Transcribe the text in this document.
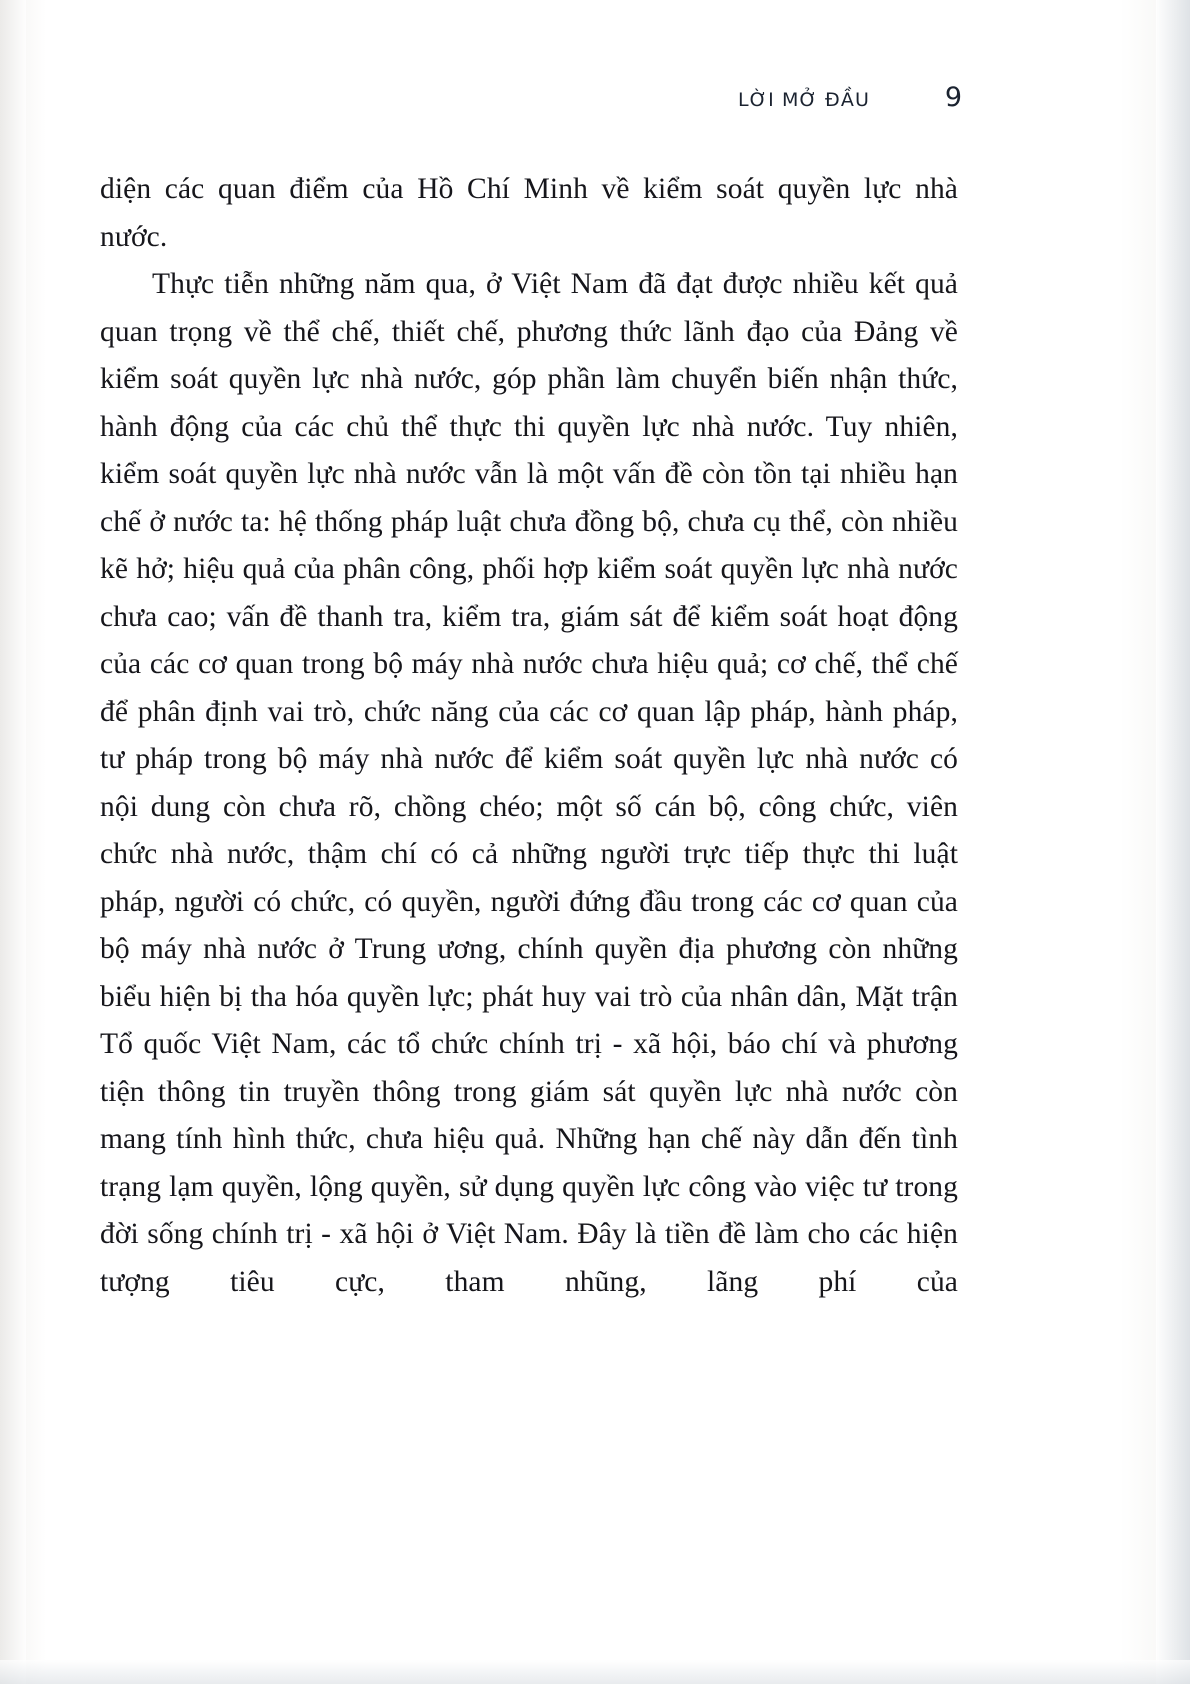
LỜI MỞ ĐẦU	9

diện các quan điểm của Hồ Chí Minh về kiểm soát quyền lực nhà nước.

Thực tiễn những năm qua, ở Việt Nam đã đạt được nhiều kết quả quan trọng về thể chế, thiết chế, phương thức lãnh đạo của Đảng về kiểm soát quyền lực nhà nước, góp phần làm chuyển biến nhận thức, hành động của các chủ thể thực thi quyền lực nhà nước. Tuy nhiên, kiểm soát quyền lực nhà nước vẫn là một vấn đề còn tồn tại nhiều hạn chế ở nước ta: hệ thống pháp luật chưa đồng bộ, chưa cụ thể, còn nhiều kẽ hở; hiệu quả của phân công, phối hợp kiểm soát quyền lực nhà nước chưa cao; vấn đề thanh tra, kiểm tra, giám sát để kiểm soát hoạt động của các cơ quan trong bộ máy nhà nước chưa hiệu quả; cơ chế, thể chế để phân định vai trò, chức năng của các cơ quan lập pháp, hành pháp, tư pháp trong bộ máy nhà nước để kiểm soát quyền lực nhà nước có nội dung còn chưa rõ, chồng chéo; một số cán bộ, công chức, viên chức nhà nước, thậm chí có cả những người trực tiếp thực thi luật pháp, người có chức, có quyền, người đứng đầu trong các cơ quan của bộ máy nhà nước ở Trung ương, chính quyền địa phương còn những biểu hiện bị tha hóa quyền lực; phát huy vai trò của nhân dân, Mặt trận Tổ quốc Việt Nam, các tổ chức chính trị - xã hội, báo chí và phương tiện thông tin truyền thông trong giám sát quyền lực nhà nước còn mang tính hình thức, chưa hiệu quả. Những hạn chế này dẫn đến tình trạng lạm quyền, lộng quyền, sử dụng quyền lực công vào việc tư trong đời sống chính trị - xã hội ở Việt Nam. Đây là tiền đề làm cho các hiện tượng tiêu cực, tham nhũng, lãng phí của
